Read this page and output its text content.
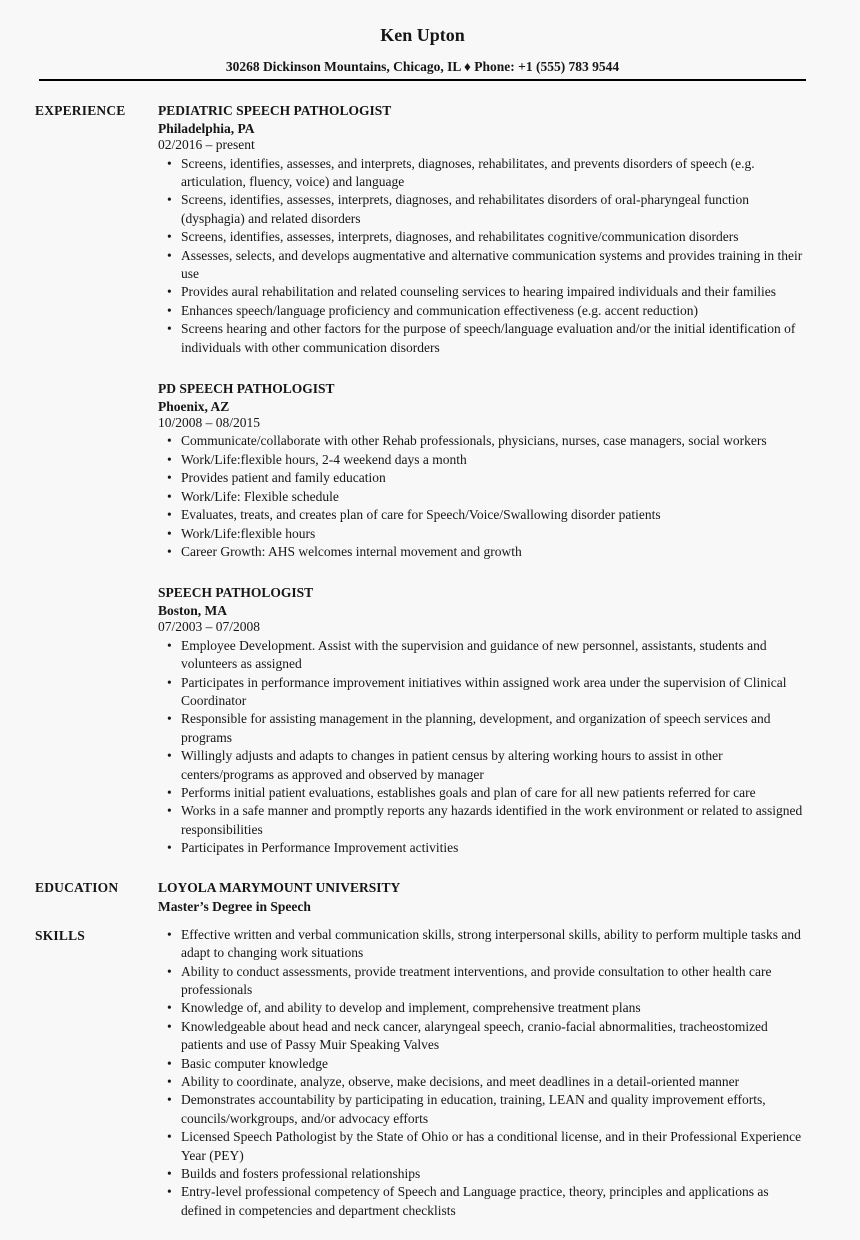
Ken Upton
30268 Dickinson Mountains, Chicago, IL ♦ Phone: +1 (555) 783 9544
EXPERIENCE	PEDIATRIC SPEECH PATHOLOGIST
Philadelphia, PA
02/2016 – present
• Screens, identifies, assesses, and interprets, diagnoses, rehabilitates, and prevents disorders of speech (e.g. articulation, fluency, voice) and language
• Screens, identifies, assesses, interprets, diagnoses, and rehabilitates disorders of oral-pharyngeal function (dysphagia) and related disorders
• Screens, identifies, assesses, interprets, diagnoses, and rehabilitates cognitive/communication disorders
• Assesses, selects, and develops augmentative and alternative communication systems and provides training in their use
• Provides aural rehabilitation and related counseling services to hearing impaired individuals and their families
• Enhances speech/language proficiency and communication effectiveness (e.g. accent reduction)
• Screens hearing and other factors for the purpose of speech/language evaluation and/or the initial identification of individuals with other communication disorders
PD SPEECH PATHOLOGIST
Phoenix, AZ
10/2008 – 08/2015
• Communicate/collaborate with other Rehab professionals, physicians, nurses, case managers, social workers
• Work/Life:flexible hours, 2-4 weekend days a month
• Provides patient and family education
• Work/Life: Flexible schedule
• Evaluates, treats, and creates plan of care for Speech/Voice/Swallowing disorder patients
• Work/Life:flexible hours
• Career Growth: AHS welcomes internal movement and growth
SPEECH PATHOLOGIST
Boston, MA
07/2003 – 07/2008
• Employee Development. Assist with the supervision and guidance of new personnel, assistants, students and volunteers as assigned
• Participates in performance improvement initiatives within assigned work area under the supervision of Clinical Coordinator
• Responsible for assisting management in the planning, development, and organization of speech services and programs
• Willingly adjusts and adapts to changes in patient census by altering working hours to assist in other centers/programs as approved and observed by manager
• Performs initial patient evaluations, establishes goals and plan of care for all new patients referred for care
• Works in a safe manner and promptly reports any hazards identified in the work environment or related to assigned responsibilities
• Participates in Performance Improvement activities
EDUCATION	LOYOLA MARYMOUNT UNIVERSITY
Master’s Degree in Speech
SKILLS	• Effective written and verbal communication skills, strong interpersonal skills, ability to perform multiple tasks and adapt to changing work situations
• Ability to conduct assessments, provide treatment interventions, and provide consultation to other health care professionals
• Knowledge of, and ability to develop and implement, comprehensive treatment plans
• Knowledgeable about head and neck cancer, alaryngeal speech, cranio-facial abnormalities, tracheostomized patients and use of Passy Muir Speaking Valves
• Basic computer knowledge
• Ability to coordinate, analyze, observe, make decisions, and meet deadlines in a detail-oriented manner
• Demonstrates accountability by participating in education, training, LEAN and quality improvement efforts, councils/workgroups, and/or advocacy efforts
• Licensed Speech Pathologist by the State of Ohio or has a conditional license, and in their Professional Experience Year (PEY)
• Builds and fosters professional relationships
• Entry-level professional competency of Speech and Language practice, theory, principles and applications as defined in competencies and department checklists
